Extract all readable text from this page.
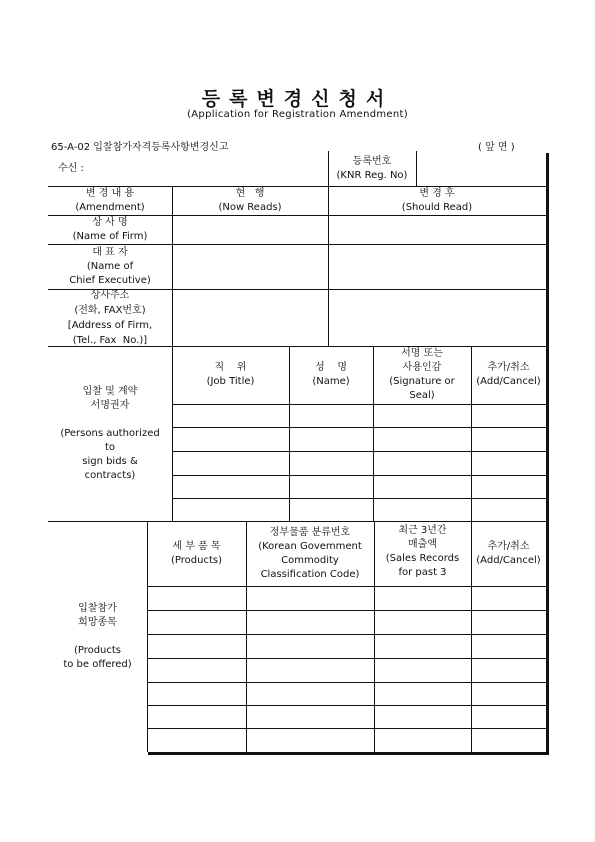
등록변경신청서
(Application for Registration Amendment)
65-A-02 입찰참가자격등록사항변경신고	( 앞 면 )
수신 :
등록번호
(KNR Reg. No)
변 경 내 용
(Amendment)
현   행
(Now Reads)
변 경 후
(Should Read)
상 사 명
(Name of Firm)
대 표 자
(Name of
Chief Executive)
상사주소
(전화, FAX번호)
[Address of Firm,
(Tel., Fax  No.)]
입찰 및 계약
서명권자
(Persons authorized
to
sign bids &
contracts)
직    위
(Job Title)
성    명
(Name)
서명 또는
사용인감
(Signature or
Seal)
추가/취소
(Add/Cancel)
입찰참가
희망종목
(Products
to be offered)
세 부 품 목
(Products)
정부물품 분류번호
(Korean Govemment
Commodity
Classification Code)
최근 3년간
매출액
(Sales Records
for past 3
추가/취소
(Add/Cancel)
